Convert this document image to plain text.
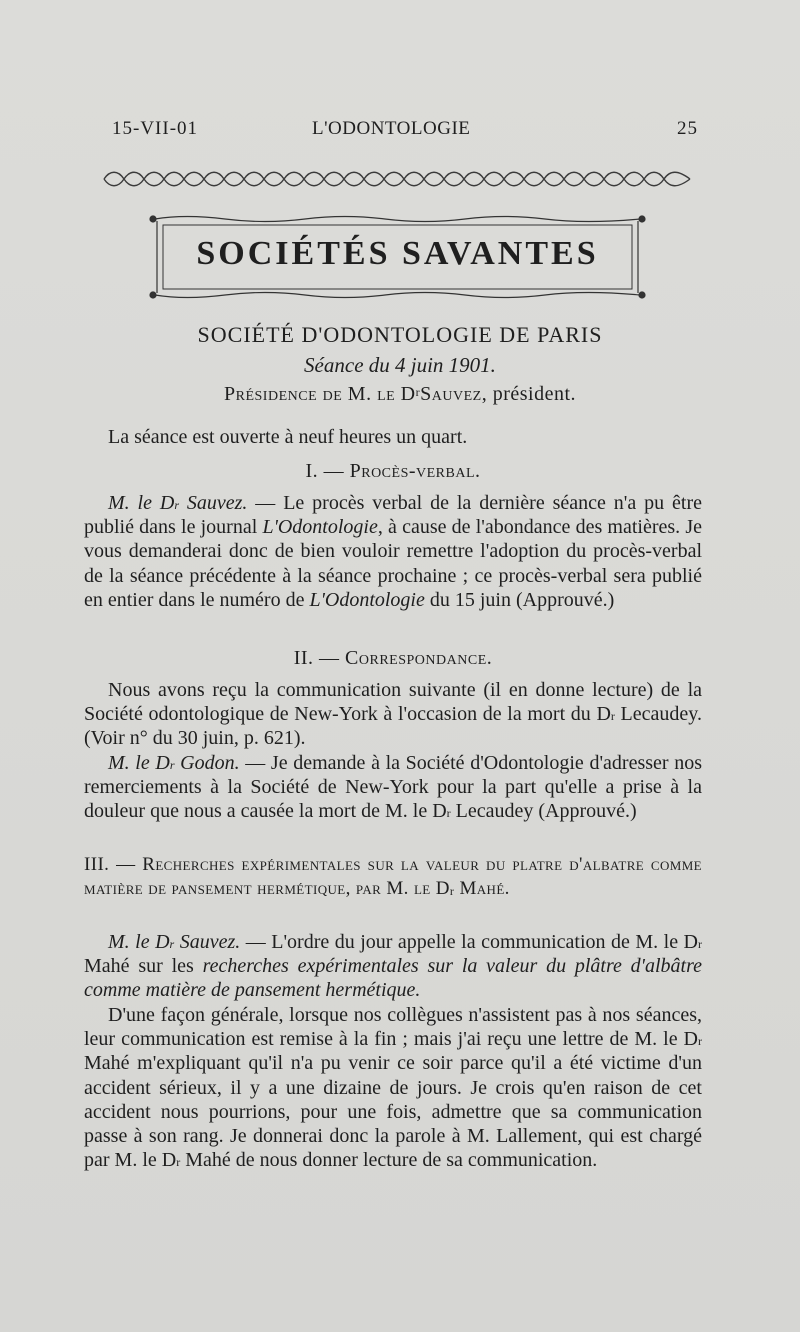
15-VII-01	L'ODONTOLOGIE	25
SOCIÉTÉS SAVANTES
SOCIÉTÉ D'ODONTOLOGIE DE PARIS
Séance du 4 juin 1901.
Présidence de M. le $D^rSauvez$, président.
La séance est ouverte à neuf heures un quart.
I. — Procès-verbal.
M. le $D^r$ Sauvez. — Le procès verbal de la dernière séance n'a pu être publié dans le journal L'Odontologie, à cause de l'abondance des matières. Je vous demanderai donc de bien vouloir remettre l'adoption du procès-verbal de la séance précédente à la séance prochaine ; ce procès-verbal sera publié en entier dans le numéro de L'Odontologie du 15 juin (Approuvé.)
II. — Correspondance.
Nous avons reçu la communication suivante (il en donne lecture) de la Société odontologique de New-York à l'occasion de la mort du $D^r$ Lecaudey. (Voir n° du 30 juin, p. 621).
M. le $D^r$ Godon. — Je demande à la Société d'Odontologie d'adresser nos remerciements à la Société de New-York pour la part qu'elle a prise à la douleur que nous a causée la mort de M. le $D^r$ Lecaudey (Approuvé.)
III. — Recherches expérimentales sur la valeur du platre d'albatre comme matière de pansement hermétique, par M. le $D^r$ Mahé.
M. le $D^r$ Sauvez. — L'ordre du jour appelle la communication de M. le $D^r$ Mahé sur les recherches expérimentales sur la valeur du plâtre d'albâtre comme matière de pansement hermétique.
D'une façon générale, lorsque nos collègues n'assistent pas à nos séances, leur communication est remise à la fin ; mais j'ai reçu une lettre de M. le $D^r$ Mahé m'expliquant qu'il n'a pu venir ce soir parce qu'il a été victime d'un accident sérieux, il y a une dizaine de jours. Je crois qu'en raison de cet accident nous pourrions, pour une fois, admettre que sa communication passe à son rang. Je donnerai donc la parole à M. Lallement, qui est chargé par M. le $D^r$ Mahé de nous donner lecture de sa communication.
